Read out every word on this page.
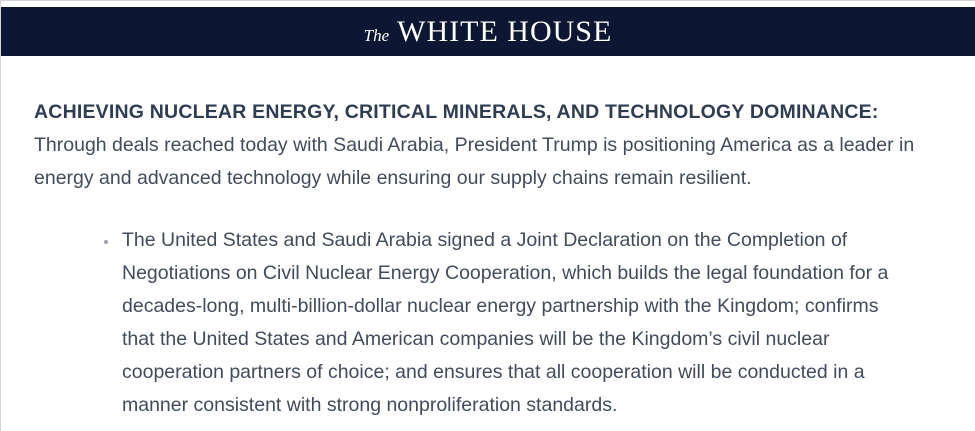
The WHITE HOUSE

ACHIEVING NUCLEAR ENERGY, CRITICAL MINERALS, AND TECHNOLOGY DOMINANCE: Through deals reached today with Saudi Arabia, President Trump is positioning America as a leader in energy and advanced technology while ensuring our supply chains remain resilient.

• The United States and Saudi Arabia signed a Joint Declaration on the Completion of Negotiations on Civil Nuclear Energy Cooperation, which builds the legal foundation for a decades-long, multi-billion-dollar nuclear energy partnership with the Kingdom; confirms that the United States and American companies will be the Kingdom’s civil nuclear cooperation partners of choice; and ensures that all cooperation will be conducted in a manner consistent with strong nonproliferation standards.
